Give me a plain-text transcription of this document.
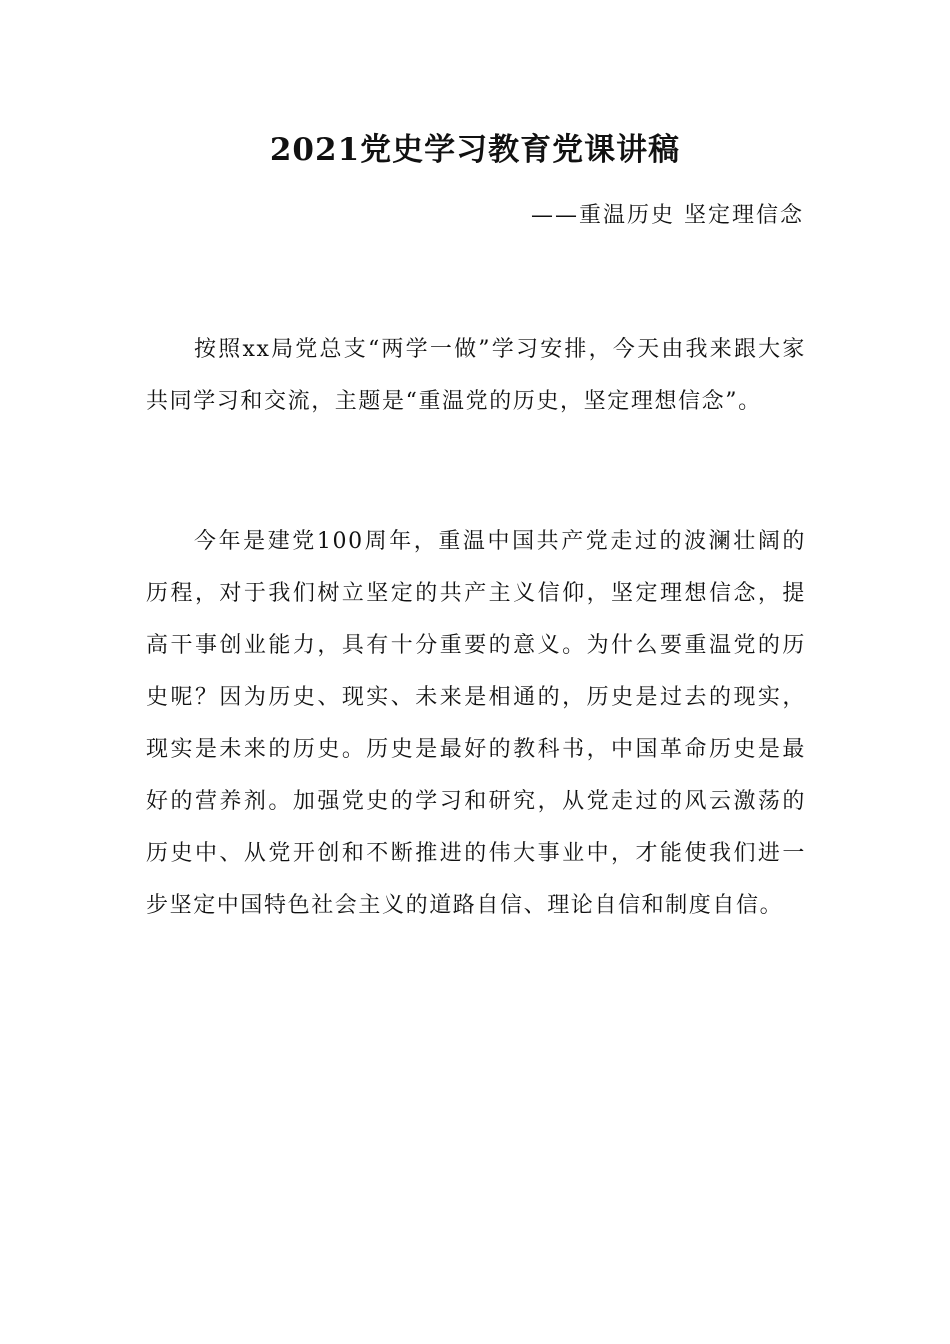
2021党史学习教育党课讲稿

——重温历史 坚定理信念

按照xx局党总支“两学一做”学习安排，今天由我来跟大家共同学习和交流，主题是“重温党的历史，坚定理想信念”。

今年是建党100周年，重温中国共产党走过的波澜壮阔的历程，对于我们树立坚定的共产主义信仰，坚定理想信念，提高干事创业能力，具有十分重要的意义。为什么要重温党的历史呢？因为历史、现实、未来是相通的，历史是过去的现实，现实是未来的历史。历史是最好的教科书，中国革命历史是最好的营养剂。加强党史的学习和研究，从党走过的风云激荡的历史中、从党开创和不断推进的伟大事业中，才能使我们进一步坚定中国特色社会主义的道路自信、理论自信和制度自信。
